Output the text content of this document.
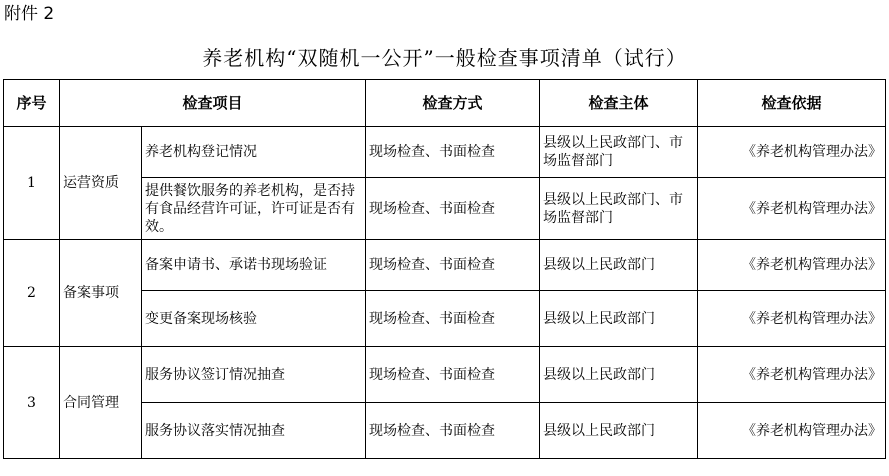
附件 2
养老机构“双随机一公开”一般检查事项清单（试行）
序号	检查项目		检查方式	检查主体	检查依据
1	运营资质	养老机构登记情况	现场检查、书面检查	县级以上民政部门、市场监督部门	《养老机构管理办法》
		提供餐饮服务的养老机构，是否持有食品经营许可证，许可证是否有效。	现场检查、书面检查	县级以上民政部门、市场监督部门	《养老机构管理办法》
2	备案事项	备案申请书、承诺书现场验证	现场检查、书面检查	县级以上民政部门	《养老机构管理办法》
		变更备案现场核验	现场检查、书面检查	县级以上民政部门	《养老机构管理办法》
3	合同管理	服务协议签订情况抽查	现场检查、书面检查	县级以上民政部门	《养老机构管理办法》
		服务协议落实情况抽查	现场检查、书面检查	县级以上民政部门	《养老机构管理办法》
